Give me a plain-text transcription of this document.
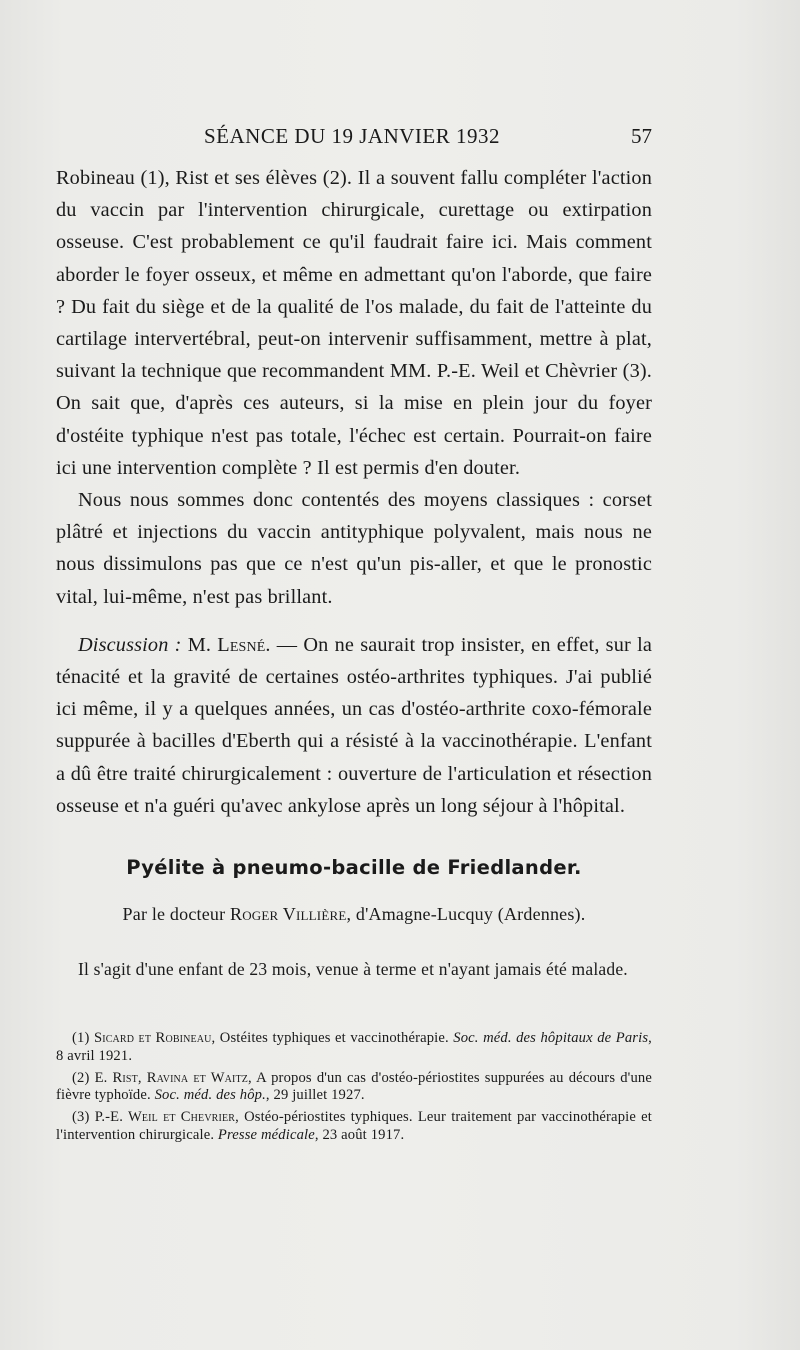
SÉANCE DU 19 JANVIER 1932	57

Robineau (1), Rist et ses élèves (2). Il a souvent fallu compléter l'action du vaccin par l'intervention chirurgicale, curettage ou extirpation osseuse. C'est probablement ce qu'il faudrait faire ici. Mais comment aborder le foyer osseux, et même en admettant qu'on l'aborde, que faire ? Du fait du siège et de la qualité de l'os malade, du fait de l'atteinte du cartilage intervertébral, peut-on intervenir suffisamment, mettre à plat, suivant la technique que recommandent MM. P.-E. Weil et Chèvrier (3). On sait que, d'après ces auteurs, si la mise en plein jour du foyer d'ostéite typhique n'est pas totale, l'échec est certain. Pourrait-on faire ici une intervention complète ? Il est permis d'en douter.

Nous nous sommes donc contentés des moyens classiques : corset plâtré et injections du vaccin antityphique polyvalent, mais nous ne nous dissimulons pas que ce n'est qu'un pis-aller, et que le pronostic vital, lui-même, n'est pas brillant.

Discussion : M. Lesné. — On ne saurait trop insister, en effet, sur la ténacité et la gravité de certaines ostéo-arthrites typhiques. J'ai publié ici même, il y a quelques années, un cas d'ostéo-arthrite coxo-fémorale suppurée à bacilles d'Eberth qui a résisté à la vaccinothérapie. L'enfant a dû être traité chirurgicalement : ouverture de l'articulation et résection osseuse et n'a guéri qu'avec ankylose après un long séjour à l'hôpital.

Pyélite à pneumo-bacille de Friedlander.
Par le docteur Roger Villière, d'Amagne-Lucquy (Ardennes).

Il s'agit d'une enfant de 23 mois, venue à terme et n'ayant jamais été malade.

(1) Sicard et Robineau, Ostéites typhiques et vaccinothérapie. Soc. méd. des hôpitaux de Paris, 8 avril 1921.

(2) E. Rist, Ravina et Waitz, A propos d'un cas d'ostéo-périostites suppurées au décours d'une fièvre typhoïde. Soc. méd. des hôp., 29 juillet 1927.

(3) P.-E. Weil et Chevrier, Ostéo-périostites typhiques. Leur traitement par vaccinothérapie et l'intervention chirurgicale. Presse médicale, 23 août 1917.
